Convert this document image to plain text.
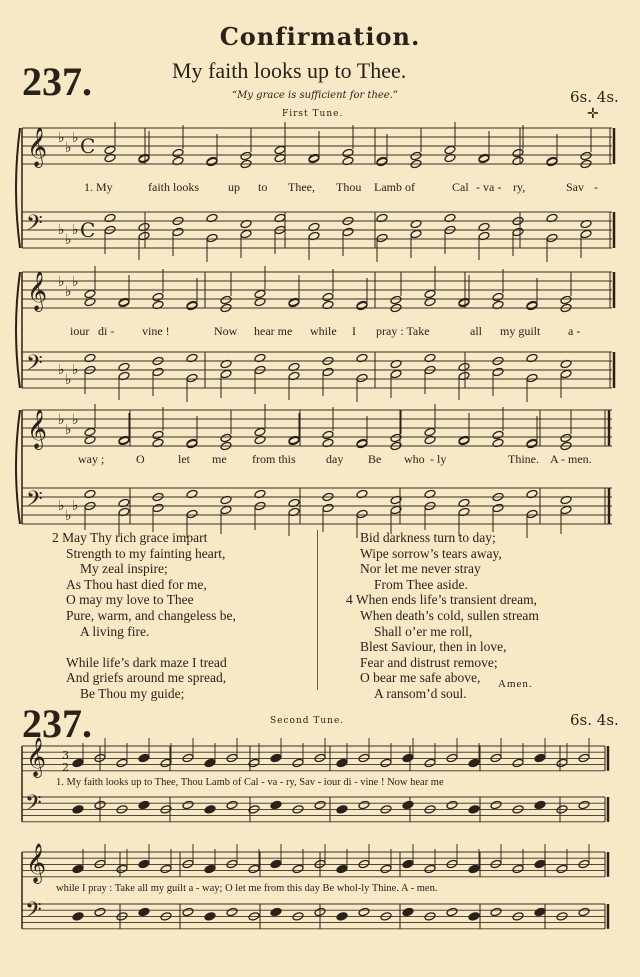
Confirmation.
237.	My faith looks up to Thee.
“My grace is sufficient for thee.”	6s. 4s.
✛
First Tune.
𝄞
𝄢
♭
♭
♭
♭
♭
♭
C
C
𝄞
𝄢
♭
♭
♭
♭
♭
♭
𝄞
𝄢
♭
♭
♭
♭
♭
♭
𝄞
𝄢
3
2
𝄞
𝄢
1. My	faith looks up to Thee, Thou Lamb of	Cal - va - ry,	Sav -
iour di - vine !	Now hear me while I pray : Take	all my guilt a -
way ;	O	let me from this	day Be who - ly	Thine. A - men.
2 May Thy rich grace impart
Strength to my fainting heart,
My zeal inspire;
As Thou hast died for me,
O may my love to Thee
Pure, warm, and changeless be,
A living fire.

While life’s dark maze I tread
And griefs around me spread,
Be Thou my guide;
Bid darkness turn to day;
Wipe sorrow’s tears away,
Nor let me never stray
From Thee aside.
4 When ends life’s transient dream,
When death’s cold, sullen stream
Shall o’er me roll,
Blest Saviour, then in love,
Fear and distrust remove;
O bear me safe above,
A ransom’d soul.
Amen.
237.	Second Tune.	6s. 4s.
1. My faith looks up to Thee, Thou Lamb of Cal - va - ry, Sav - iour di - vine ! Now hear me
while I pray : Take all my guilt a - way; O let me from this day Be whol-ly Thine. A - men.
